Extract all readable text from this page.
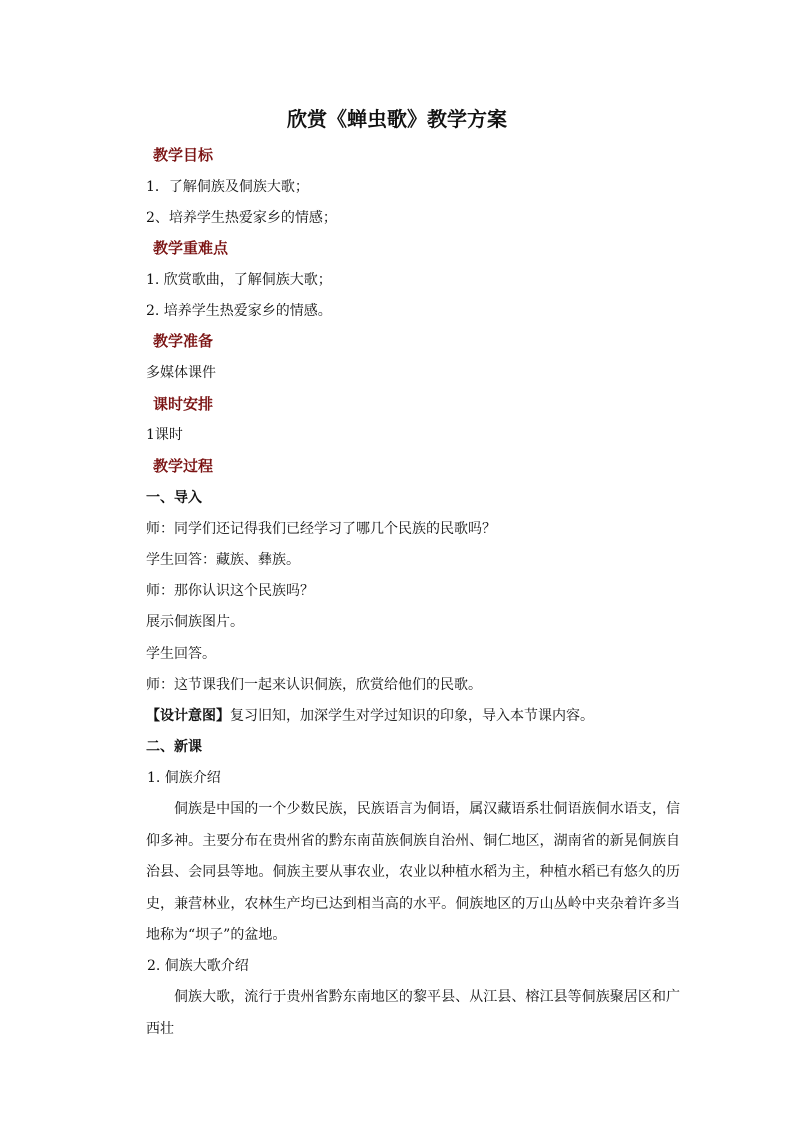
欣赏《蝉虫歌》教学方案
教学目标
1．了解侗族及侗族大歌；
2、培养学生热爱家乡的情感；
教学重难点
1. 欣赏歌曲，了解侗族大歌；
2. 培养学生热爱家乡的情感。
教学准备
多媒体课件
课时安排
1课时
教学过程
一、导入
师：同学们还记得我们已经学习了哪几个民族的民歌吗？
学生回答：藏族、彝族。
师：那你认识这个民族吗？
展示侗族图片。
学生回答。
师：这节课我们一起来认识侗族，欣赏给他们的民歌。
【设计意图】复习旧知，加深学生对学过知识的印象，导入本节课内容。
二、新课
1. 侗族介绍
侗族是中国的一个少数民族，民族语言为侗语，属汉藏语系壮侗语族侗水语支，信仰多神。主要分布在贵州省的黔东南苗族侗族自治州、铜仁地区，湖南省的新晃侗族自治县、会同县等地。侗族主要从事农业，农业以种植水稻为主，种植水稻已有悠久的历史，兼营林业，农林生产均已达到相当高的水平。侗族地区的万山丛岭中夹杂着许多当地称为“坝子”的盆地。
2. 侗族大歌介绍
侗族大歌，流行于贵州省黔东南地区的黎平县、从江县、榕江县等侗族聚居区和广西壮
